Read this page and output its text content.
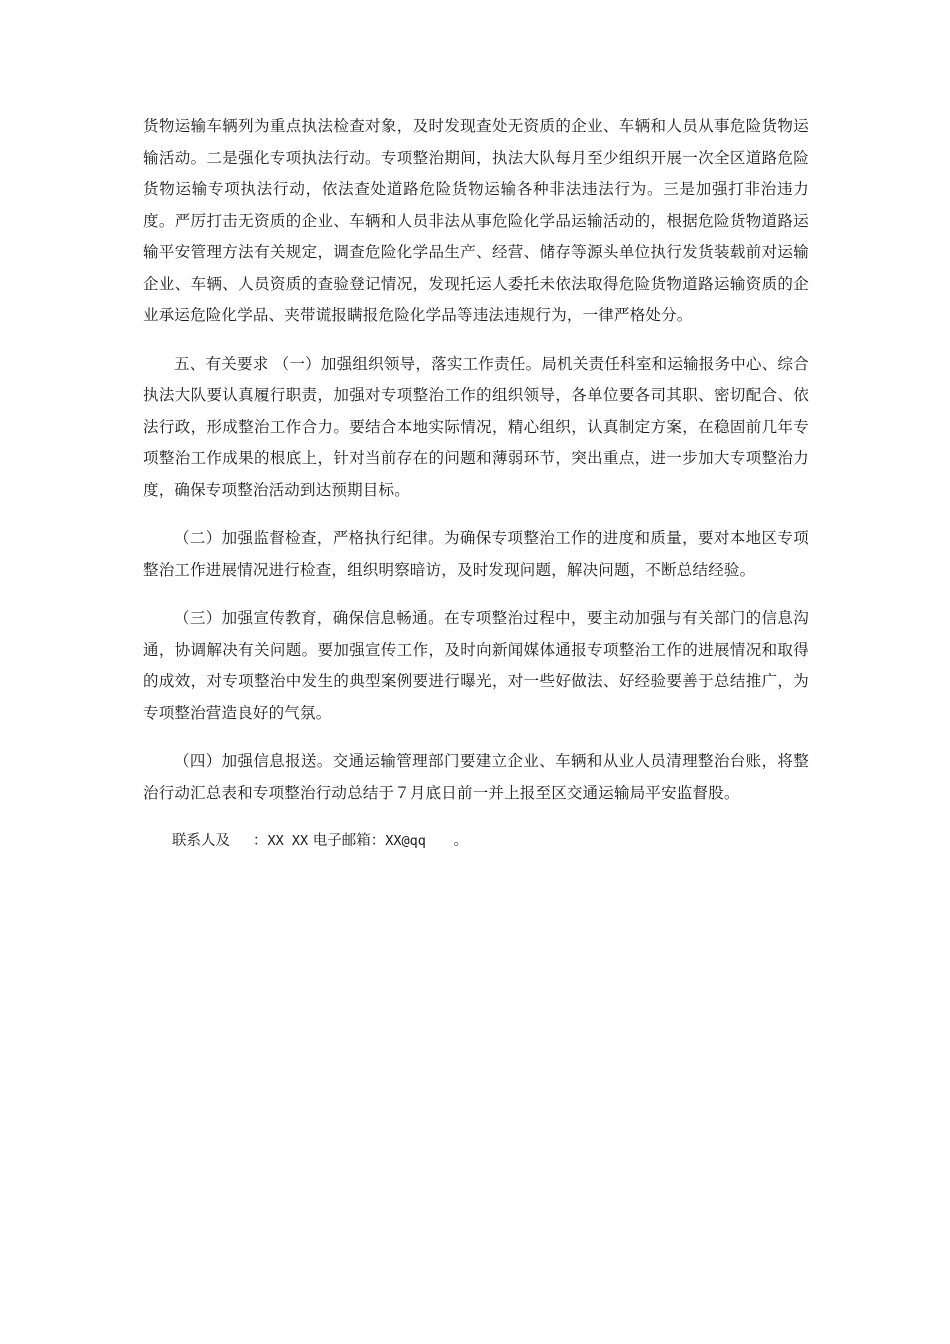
货物运输车辆列为重点执法检查对象，及时发现查处无资质的企业、车辆和人员从事危险货物运输活动。二是强化专项执法行动。专项整治期间，执法大队每月至少组织开展一次全区道路危险货物运输专项执法行动，依法查处道路危险货物运输各种非法违法行为。三是加强打非治违力度。严厉打击无资质的企业、车辆和人员非法从事危险化学品运输活动的，根据危险货物道路运输平安管理方法有关规定，调查危险化学品生产、经营、储存等源头单位执行发货装载前对运输企业、车辆、人员资质的查验登记情况，发现托运人委托未依法取得危险货物道路运输资质的企业承运危险化学品、夹带谎报瞒报危险化学品等违法违规行为，一律严格处分。

五、有关要求 （一）加强组织领导，落实工作责任。局机关责任科室和运输报务中心、综合执法大队要认真履行职责，加强对专项整治工作的组织领导，各单位要各司其职、密切配合、依法行政，形成整治工作合力。要结合本地实际情况，精心组织，认真制定方案，在稳固前几年专项整治工作成果的根底上，针对当前存在的问题和薄弱环节，突出重点，进一步加大专项整治力度，确保专项整治活动到达预期目标。

（二）加强监督检查，严格执行纪律。为确保专项整治工作的进度和质量，要对本地区专项整治工作进展情况进行检查，组织明察暗访，及时发现问题，解决问题，不断总结经验。

（三）加强宣传教育，确保信息畅通。在专项整治过程中，要主动加强与有关部门的信息沟通，协调解决有关问题。要加强宣传工作，及时向新闻媒体通报专项整治工作的进展情况和取得的成效，对专项整治中发生的典型案例要进行曝光，对一些好做法、好经验要善于总结推广，为专项整治营造良好的气氛。

（四）加强信息报送。交通运输管理部门要建立企业、车辆和从业人员清理整治台账，将整治行动汇总表和专项整治行动总结于７月底日前一并上报至区交通运输局平安监督股。

联系人及 ：XX XX 电子邮箱：XX@qq 。
